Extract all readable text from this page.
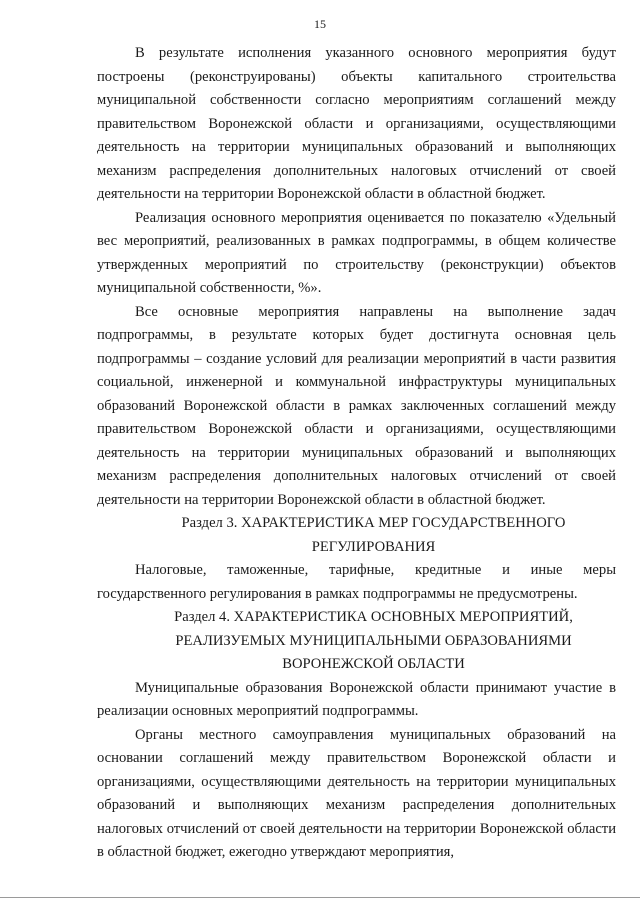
15

В результате исполнения указанного основного мероприятия будут построены (реконструированы) объекты капитального строительства муниципальной собственности согласно мероприятиям соглашений между правительством Воронежской области и организациями, осуществляющими деятельность на территории муниципальных образований и выполняющих механизм распределения дополнительных налоговых отчислений от своей деятельности на территории Воронежской области в областной бюджет.

Реализация основного мероприятия оценивается по показателю «Удельный вес мероприятий, реализованных в рамках подпрограммы, в общем количестве утвержденных мероприятий по строительству (реконструкции) объектов муниципальной собственности, %».

Все основные мероприятия направлены на выполнение задач подпрограммы, в результате которых будет достигнута основная цель подпрограммы – создание условий для реализации мероприятий в части развития социальной, инженерной и коммунальной инфраструктуры муниципальных образований Воронежской области в рамках заключенных соглашений между правительством Воронежской области и организациями, осуществляющими деятельность на территории муниципальных образований и выполняющих механизм распределения дополнительных налоговых отчислений от своей деятельности на территории Воронежской области в областной бюджет.

Раздел 3. ХАРАКТЕРИСТИКА МЕР ГОСУДАРСТВЕННОГО РЕГУЛИРОВАНИЯ

Налоговые, таможенные, тарифные, кредитные и иные меры государственного регулирования в рамках подпрограммы не предусмотрены.

Раздел 4. ХАРАКТЕРИСТИКА ОСНОВНЫХ МЕРОПРИЯТИЙ, РЕАЛИЗУЕМЫХ МУНИЦИПАЛЬНЫМИ ОБРАЗОВАНИЯМИ ВОРОНЕЖСКОЙ ОБЛАСТИ

Муниципальные образования Воронежской области принимают участие в реализации основных мероприятий подпрограммы.

Органы местного самоуправления муниципальных образований на основании соглашений между правительством Воронежской области и организациями, осуществляющими деятельность на территории муниципальных образований и выполняющих механизм распределения дополнительных налоговых отчислений от своей деятельности на территории Воронежской области в областной бюджет, ежегодно утверждают мероприятия,
